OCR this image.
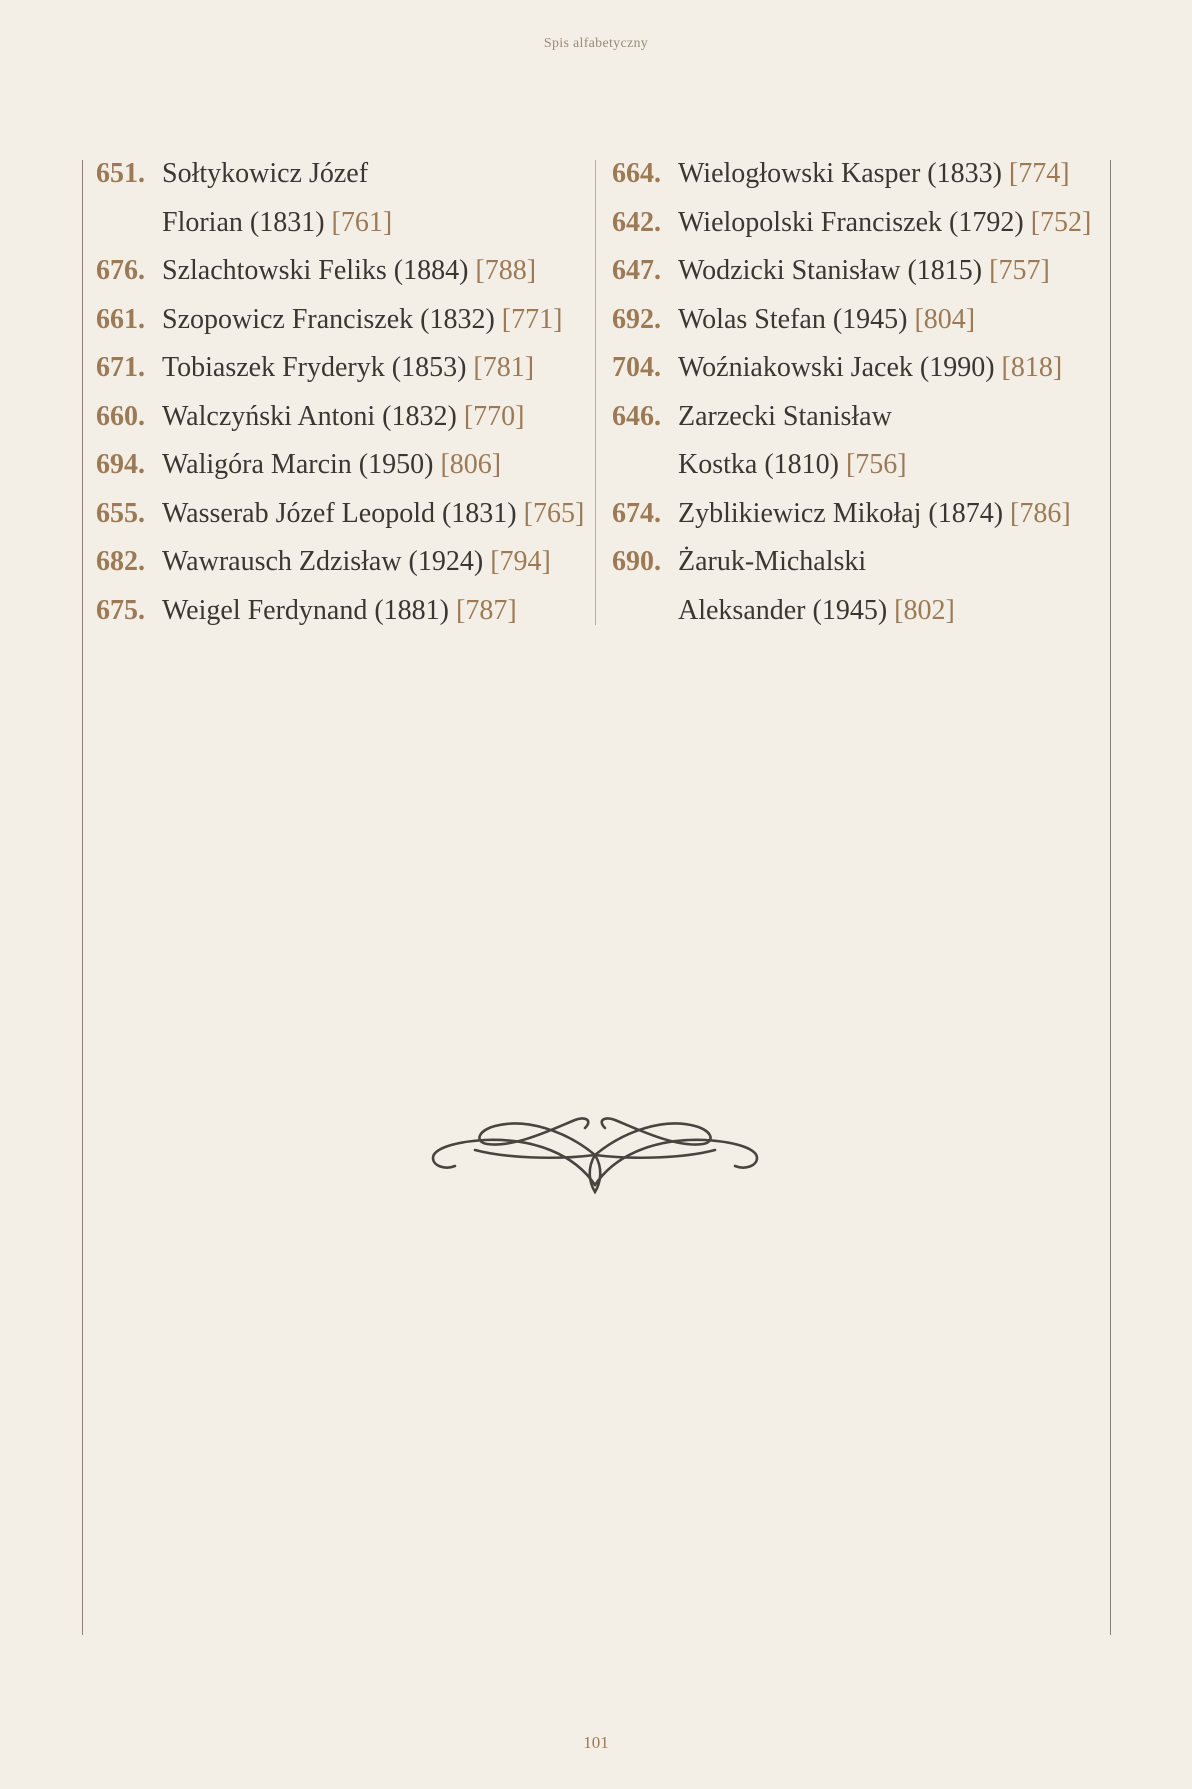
Spis alfabetyczny
651. Sołtykowicz Józef
Florian (1831) [761]
676. Szlachtowski Feliks (1884) [788]
661. Szopowicz Franciszek (1832) [771]
671. Tobiaszek Fryderyk (1853) [781]
660. Walczyński Antoni (1832) [770]
694. Waligóra Marcin (1950) [806]
655. Wasserab Józef Leopold (1831) [765]
682. Wawrausch Zdzisław (1924) [794]
675. Weigel Ferdynand (1881) [787]
664. Wielogłowski Kasper (1833) [774]
642. Wielopolski Franciszek (1792) [752]
647. Wodzicki Stanisław (1815) [757]
692. Wolas Stefan (1945) [804]
704. Woźniakowski Jacek (1990) [818]
646. Zarzecki Stanisław
Kostka (1810) [756]
674. Zyblikiewicz Mikołaj (1874) [786]
690. Żaruk-Michalski
Aleksander (1945) [802]
101
